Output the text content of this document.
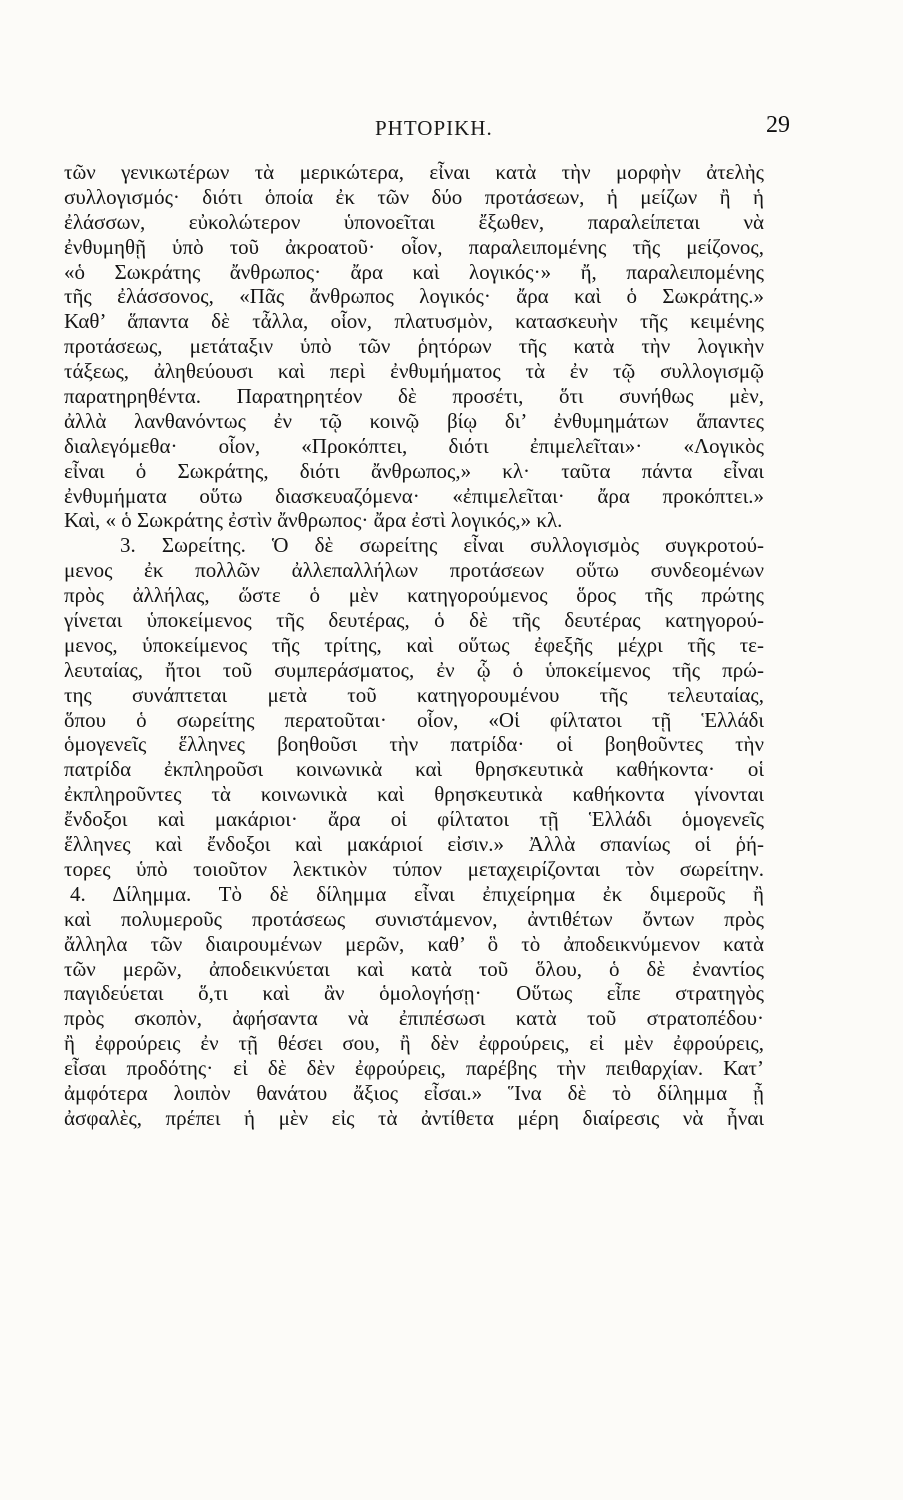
ΡΗΤΟΡΙΚΗ.	29
τῶν γενικωτέρων τὰ μερικώτερα, εἶναι κατὰ τὴν μορφὴν ἀτελὴς
συλλογισμός· διότι ὁποία ἐκ τῶν δύο προτάσεων, ἡ μείζων ἢ ἡ
ἐλάσσων, εὐκολώτερον ὑπονοεῖται ἔξωθεν, παραλείπεται νὰ
ἐνθυμηθῇ ὑπὸ τοῦ ἀκροατοῦ· οἷον, παραλειπομένης τῆς μείζονος,
«ὁ Σωκράτης ἄνθρωπος· ἄρα καὶ λογικός·» ἤ, παραλειπομένης
τῆς ἐλάσσονος, «Πᾶς ἄνθρωπος λογικός· ἄρα καὶ ὁ Σωκράτης.»
Καθ’ ἅπαντα δὲ τἆλλα, οἷον, πλατυσμὸν, κατασκευὴν τῆς κειμένης
προτάσεως, μετάταξιν ὑπὸ τῶν ῥητόρων τῆς κατὰ τὴν λογικὴν
τάξεως, ἀληθεύουσι καὶ περὶ ἐνθυμήματος τὰ ἐν τῷ συλλογισμῷ
παρατηρηθέντα. Παρατηρητέον δὲ προσέτι, ὅτι συνήθως μὲν,
ἀλλὰ λανθανόντως ἐν τῷ κοινῷ βίῳ δι’ ἐνθυμημάτων ἅπαντες
διαλεγόμεθα· οἷον, «Προκόπτει, διότι ἐπιμελεῖται»· «Λογικὸς
εἶναι ὁ Σωκράτης, διότι ἄνθρωπος,» κλ· ταῦτα πάντα εἶναι
ἐνθυμήματα οὕτω διασκευαζόμενα· «ἐπιμελεῖται· ἄρα προκόπτει.»
Καὶ, « ὁ Σωκράτης ἐστὶν ἄνθρωπος· ἄρα ἐστὶ λογικός,» κλ.
3. Σωρείτης. Ὁ δὲ σωρείτης εἶναι συλλογισμὸς συγκροτού-
μενος ἐκ πολλῶν ἀλλεπαλλήλων προτάσεων οὕτω συνδεομένων
πρὸς ἀλλήλας, ὥστε ὁ μὲν κατηγορούμενος ὅρος τῆς πρώτης
γίνεται ὑποκείμενος τῆς δευτέρας, ὁ δὲ τῆς δευτέρας κατηγορού-
μενος, ὑποκείμενος τῆς τρίτης, καὶ οὕτως ἐφεξῆς μέχρι τῆς τε-
λευταίας, ἤτοι τοῦ συμπεράσματος, ἐν ᾧ ὁ ὑποκείμενος τῆς πρώ-
της συνάπτεται μετὰ τοῦ κατηγορουμένου τῆς τελευταίας,
ὅπου ὁ σωρείτης περατοῦται· οἷον, «Οἱ φίλτατοι τῇ Ἑλλάδι
ὁμογενεῖς ἕλληνες βοηθοῦσι τὴν πατρίδα· οἱ βοηθοῦντες τὴν
πατρίδα ἐκπληροῦσι κοινωνικὰ καὶ θρησκευτικὰ καθήκοντα· οἱ
ἐκπληροῦντες τὰ κοινωνικὰ καὶ θρησκευτικὰ καθήκοντα γίνονται
ἔνδοξοι καὶ μακάριοι· ἄρα οἱ φίλτατοι τῇ Ἑλλάδι ὁμογενεῖς
ἕλληνες καὶ ἔνδοξοι καὶ μακάριοί εἰσιν.» Ἀλλὰ σπανίως οἱ ῥή-
τορες ὑπὸ τοιοῦτον λεκτικὸν τύπον μεταχειρίζονται τὸν σωρείτην.
4. Δίλημμα. Τὸ δὲ δίλημμα εἶναι ἐπιχείρημα ἐκ διμεροῦς ἢ
καὶ πολυμεροῦς προτάσεως συνιστάμενον, ἀντιθέτων ὄντων πρὸς
ἄλληλα τῶν διαιρουμένων μερῶν, καθ’ ὃ τὸ ἀποδεικνύμενον κατὰ
τῶν μερῶν, ἀποδεικνύεται καὶ κατὰ τοῦ ὅλου, ὁ δὲ ἐναντίος
παγιδεύεται ὅ,τι καὶ ἂν ὁμολογήσῃ· Οὕτως εἶπε στρατηγὸς
πρὸς σκοπὸν, ἀφήσαντα νὰ ἐπιπέσωσι κατὰ τοῦ στρατοπέδου·
ἢ ἐφρούρεις ἐν τῇ θέσει σου, ἢ δὲν ἐφρούρεις, εἰ μὲν ἐφρούρεις,
εἶσαι προδότης· εἰ δὲ δὲν ἐφρούρεις, παρέβης τὴν πειθαρχίαν. Κατ’
ἀμφότερα λοιπὸν θανάτου ἄξιος εἶσαι.» Ἵνα δὲ τὸ δίλημμα ᾖ
ἀσφαλὲς, πρέπει ἡ μὲν εἰς τὰ ἀντίθετα μέρη διαίρεσις νὰ ἦναι
